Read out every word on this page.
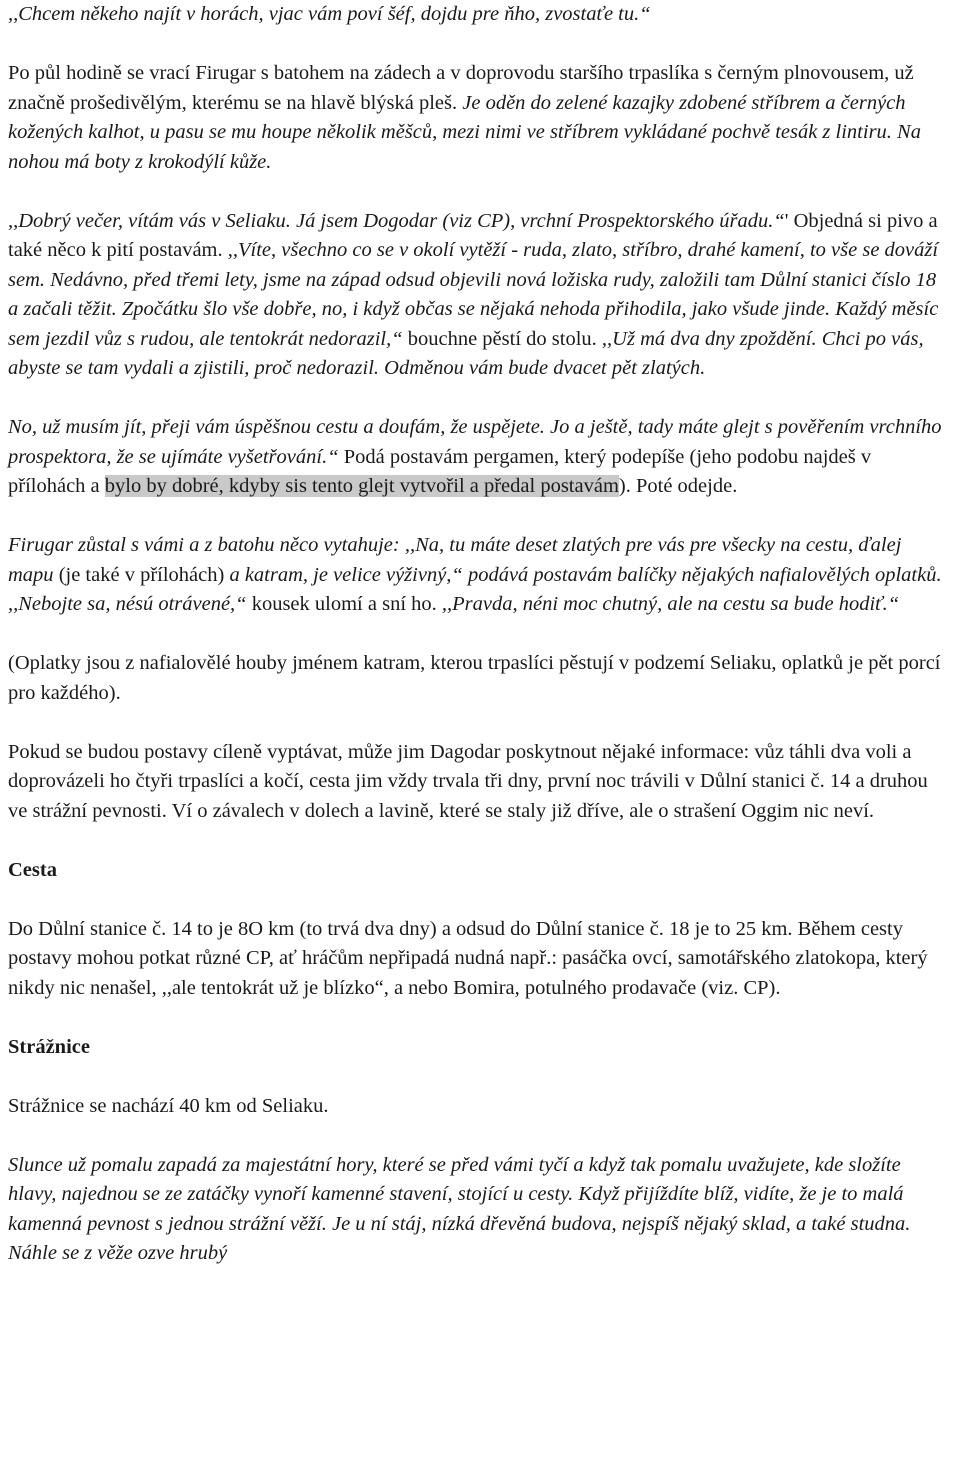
,,Chcem někeho najít v horách, vjac vám poví šéf, dojdu pre ňho, zvostaťe tu.“

Po půl hodině se vrací Firugar s batohem na zádech a v doprovodu staršího trpaslíka s černým plnovousem, už značně prošedivělým, kterému se na hlavě blýská pleš. Je oděn do zelené kazajky zdobené stříbrem a černých kožených kalhot, u pasu se mu houpe několik měšců, mezi nimi ve stříbrem vykládané pochvě tesák z lintiru. Na nohou má boty z krokodýlí kůže.

,,Dobrý večer, vítám vás v Seliaku. Já jsem Dogodar (viz CP), vrchní Prospektorského úřadu.“' Objedná si pivo a také něco k pití postavám. ,,Víte, všechno co se v okolí vytěží - ruda, zlato, stříbro, drahé kamení, to vše se dováží sem. Nedávno, před třemi lety, jsme na západ odsud objevili nová ložiska rudy, založili tam Důlní stanici číslo 18 a začali těžit. Zpočátku šlo vše dobře, no, i když občas se nějaká nehoda přihodila, jako všude jinde. Každý měsíc sem jezdil vůz s rudou, ale tentokrát nedorazil,“ bouchne pěstí do stolu. ,,Už má dva dny zpoždění. Chci po vás, abyste se tam vydali a zjistili, proč nedorazil. Odměnou vám bude dvacet pět zlatých.

No, už musím jít, přeji vám úspěšnou cestu a doufám, že uspějete. Jo a ještě, tady máte glejt s pověřením vrchního prospektora, že se ujímáte vyšetřování.“ Podá postavám pergamen, který podepíše (jeho podobu najdeš v přílohách a bylo by dobré, kdyby sis tento glejt vytvořil a předal postavám). Poté odejde.

Firugar zůstal s vámi a z batohu něco vytahuje: ,,Na, tu máte deset zlatých pre vás pre všecky na cestu, ďalej mapu (je také v přílohách) a katram, je velice výživný,“ podává postavám balíčky nějakých nafialovělých oplatků. ,,Nebojte sa, nésú otrávené,“ kousek ulomí a sní ho. ,,Pravda, néni moc chutný, ale na cestu sa bude hodiť.“

(Oplatky jsou z nafialovělé houby jménem katram, kterou trpaslíci pěstují v podzemí Seliaku, oplatků je pět porcí pro každého).

Pokud se budou postavy cíleně vyptávat, může jim Dagodar poskytnout nějaké informace: vůz táhli dva voli a doprovázeli ho čtyři trpaslíci a kočí, cesta jim vždy trvala tři dny, první noc trávili v Důlní stanici č. 14 a druhou ve strážní pevnosti. Ví o závalech v dolech a lavině, které se staly již dříve, ale o strašení Oggim nic neví.

Cesta

Do Důlní stanice č. 14 to je 8O km (to trvá dva dny) a odsud do Důlní stanice č. 18 je to 25 km. Během cesty postavy mohou potkat různé CP, ať hráčům nepřipadá nudná např.: pasáčka ovcí, samotářského zlatokopa, který nikdy nic nenašel, ,,ale tentokrát už je blízko“, a nebo Bomira, potulného prodavače (viz. CP).

Strážnice

Strážnice se nachází 40 km od Seliaku.

Slunce už pomalu zapadá za majestátní hory, které se před vámi tyčí a když tak pomalu uvažujete, kde složíte hlavy, najednou se ze zatáčky vynoří kamenné stavení, stojící u cesty. Když přijíždíte blíž, vidíte, že je to malá kamenná pevnost s jednou strážní věží. Je u ní stáj, nízká dřevěná budova, nejspíš nějaký sklad, a také studna. Náhle se z věže ozve hrubý
